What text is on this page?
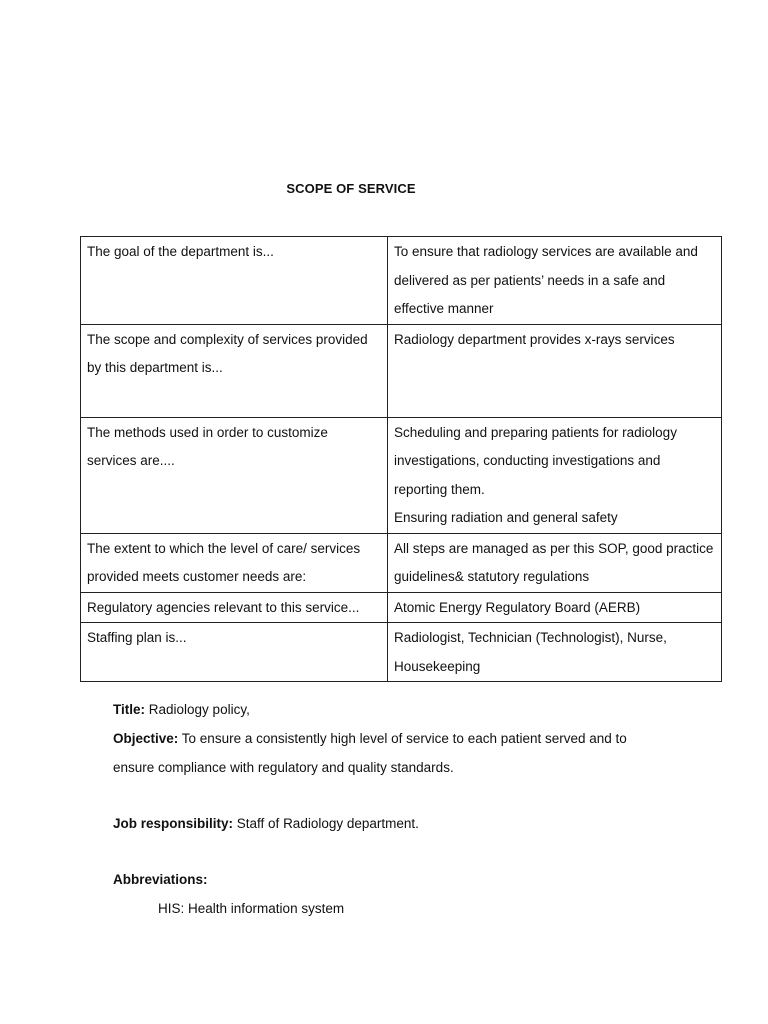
SCOPE OF SERVICE
The goal of the department is...	To ensure that radiology services are available and delivered as per patients’ needs in a safe and effective manner

The scope and complexity of services provided by this department is...	Radiology department provides x-rays services

The methods used in order to customize services are....	Scheduling and preparing patients for radiology investigations, conducting investigations and reporting them.
Ensuring radiation and general safety

The extent to which the level of care/ services provided meets customer needs are:	All steps are managed as per this SOP, good practice guidelines& statutory regulations

Regulatory agencies relevant to this service...	Atomic Energy Regulatory Board (AERB)

Staffing plan is...	Radiologist, Technician (Technologist), Nurse, Housekeeping
Title: Radiology policy,
Objective: To ensure a consistently high level of service to each patient served and to ensure compliance with regulatory and quality standards.
Job responsibility: Staff of Radiology department.
Abbreviations:
HIS: Health information system
